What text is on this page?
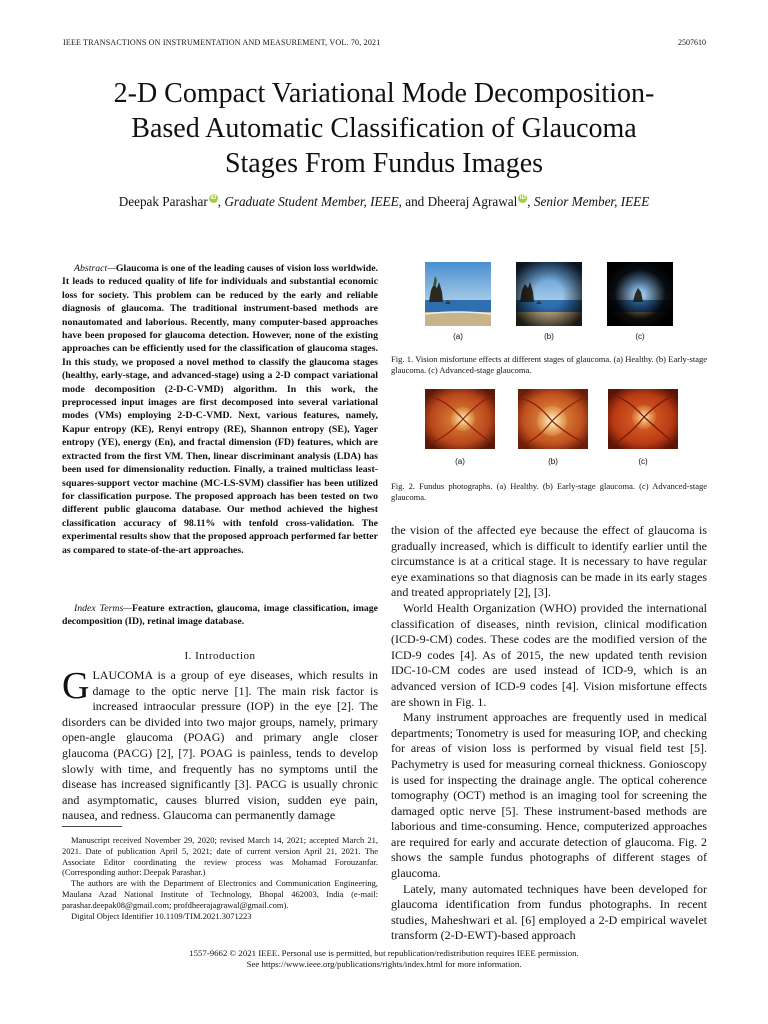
IEEE TRANSACTIONS ON INSTRUMENTATION AND MEASUREMENT, VOL. 70, 2021	2507610
2-D Compact Variational Mode Decomposition-
Based Automatic Classification of Glaucoma
Stages From Fundus Images
Deepak Parashar iD , Graduate Student Member, IEEE, and Dheeraj Agrawal iD , Senior Member, IEEE
Abstract—Glaucoma is one of the leading causes of vision loss worldwide. It leads to reduced quality of life for individuals and substantial economic loss for society. This problem can be reduced by the early and reliable diagnosis of glaucoma. The traditional instrument-based methods are nonautomated and laborious. Recently, many computer-based approaches have been proposed for glaucoma detection. However, none of the existing approaches can be efficiently used for the classification of glaucoma stages. In this study, we proposed a novel method to classify the glaucoma stages (healthy, early-stage, and advanced-stage) using a 2-D compact variational mode decomposition (2-D-C-VMD) algorithm. In this work, the preprocessed input images are first decomposed into several variational modes (VMs) employing 2-D-C-VMD. Next, various features, namely, Kapur entropy (KE), Renyi entropy (RE), Shannon entropy (SE), Yager entropy (YE), energy (En), and fractal dimension (FD) features, which are extracted from the first VM. Then, linear discriminant analysis (LDA) has been used for dimensionality reduction. Finally, a trained multiclass least-squares-support vector machine (MC-LS-SVM) classifier has been utilized for classification purpose. The proposed approach has been tested on two different public glaucoma database. Our method achieved the highest classification accuracy of 98.11% with tenfold cross-validation. The experimental results show that the proposed approach performed far better as compared to state-of-the-art approaches.
Index Terms—Feature extraction, glaucoma, image classification, image decomposition (ID), retinal image database.
I. Introduction

GLAUCOMA is a group of eye diseases, which results in damage to the optic nerve [1]. The main risk factor is increased intraocular pressure (IOP) in the eye [2]. The disorders can be divided into two major groups, namely, primary open-angle glaucoma (POAG) and primary angle closer glaucoma (PACG) [2], [7]. POAG is painless, tends to develop slowly with time, and frequently has no symptoms until the disease has increased significantly [3]. PACG is usually chronic and asymptomatic, causes blurred vision, sudden eye pain, nausea, and redness. Glaucoma can permanently damage

Manuscript received November 29, 2020; revised March 14, 2021; accepted March 21, 2021. Date of publication April 5, 2021; date of current version April 21, 2021. The Associate Editor coordinating the review process was Mohamad Forouzanfar. (Corresponding author: Deepak Parashar.)

The authors are with the Department of Electronics and Communication Engineering, Maulana Azad National Institute of Technology, Bhopal 462003, India (e-mail: parashar.deepak08@gmail.com; profdheerajagrawal@gmail.com).

Digital Object Identifier 10.1109/TIM.2021.3071223

(a)	(b)	(c)
Fig. 1. Vision misfortune effects at different stages of glaucoma. (a) Healthy. (b) Early-stage glaucoma. (c) Advanced-stage glaucoma.
(a)	(b)	(c)
Fig. 2. Fundus photographs. (a) Healthy. (b) Early-stage glaucoma. (c) Advanced-stage glaucoma.

the vision of the affected eye because the effect of glaucoma is gradually increased, which is difficult to identify earlier until the circumstance is at a critical stage. It is necessary to have regular eye examinations so that diagnosis can be made in its early stages and treated appropriately [2], [3].

World Health Organization (WHO) provided the international classification of diseases, ninth revision, clinical modification (ICD-9-CM) codes. These codes are the modified version of the ICD-9 codes [4]. As of 2015, the new updated tenth revision IDC-10-CM codes are used instead of ICD-9, which is an advanced version of ICD-9 codes [4]. Vision misfortune effects are shown in Fig. 1.

Many instrument approaches are frequently used in medical departments; Tonometry is used for measuring IOP, and checking for areas of vision loss is performed by visual field test [5]. Pachymetry is used for measuring corneal thickness. Gonioscopy is used for inspecting the drainage angle. The optical coherence tomography (OCT) method is an imaging tool for screening the damaged optic nerve [5]. These instrument-based methods are laborious and time-consuming. Hence, computerized approaches are required for early and accurate detection of glaucoma. Fig. 2 shows the sample fundus photographs of different stages of glaucoma.

Lately, many automated techniques have been developed for glaucoma identification from fundus photographs. In recent studies, Maheshwari et al. [6] employed a 2-D empirical wavelet transform (2-D-EWT)-based approach

1557-9662 © 2021 IEEE. Personal use is permitted, but republication/redistribution requires IEEE permission.
See https://www.ieee.org/publications/rights/index.html for more information.
